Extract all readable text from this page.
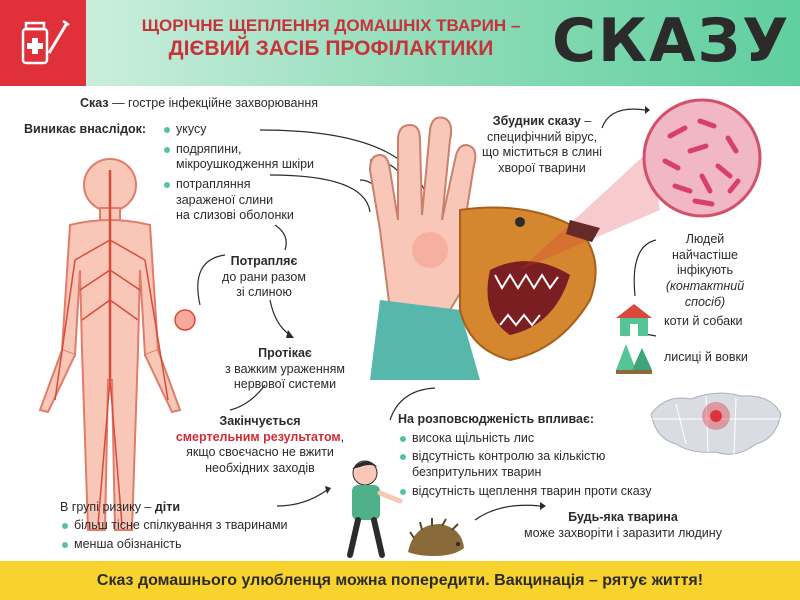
ЩОРІЧНЕ ЩЕПЛЕННЯ ДОМАШНІХ ТВАРИН –
ДІЄВИЙ ЗАСІБ ПРОФІЛАКТИКИ СКАЗУ
Сказ — гостре інфекційне захворювання
Виникає внаслідок:	укусу
подряпини,
мікроушкодження шкіри
потрапляння
зараженої слини
на слизові оболонки
Збудник сказу –
специфічний вірус,
що міститься в слині
хворої тварини
Потрапляє
до рани разом
зі слиною
Протікає
з важким ураженням
нервової системи
Закінчується
смертельним результатом,
якщо своєчасно не вжити
необхідних заходів
Людей
найчастіше
інфікують
(контактний
спосіб)
коти й собаки
лисиці й вовки
На розповсюдженість впливає:
висока щільність лис
відсутність контролю за кількістю
безпритульних тварин
відсутність щеплення тварин проти сказу
В групі ризику – діти
більш тісне спілкування з тваринами
менша обізнаність
Будь-яка тварина
може захворіти і заразити людину
Сказ домашнього улюбленця можна попередити. Вакцинація – рятує життя!
